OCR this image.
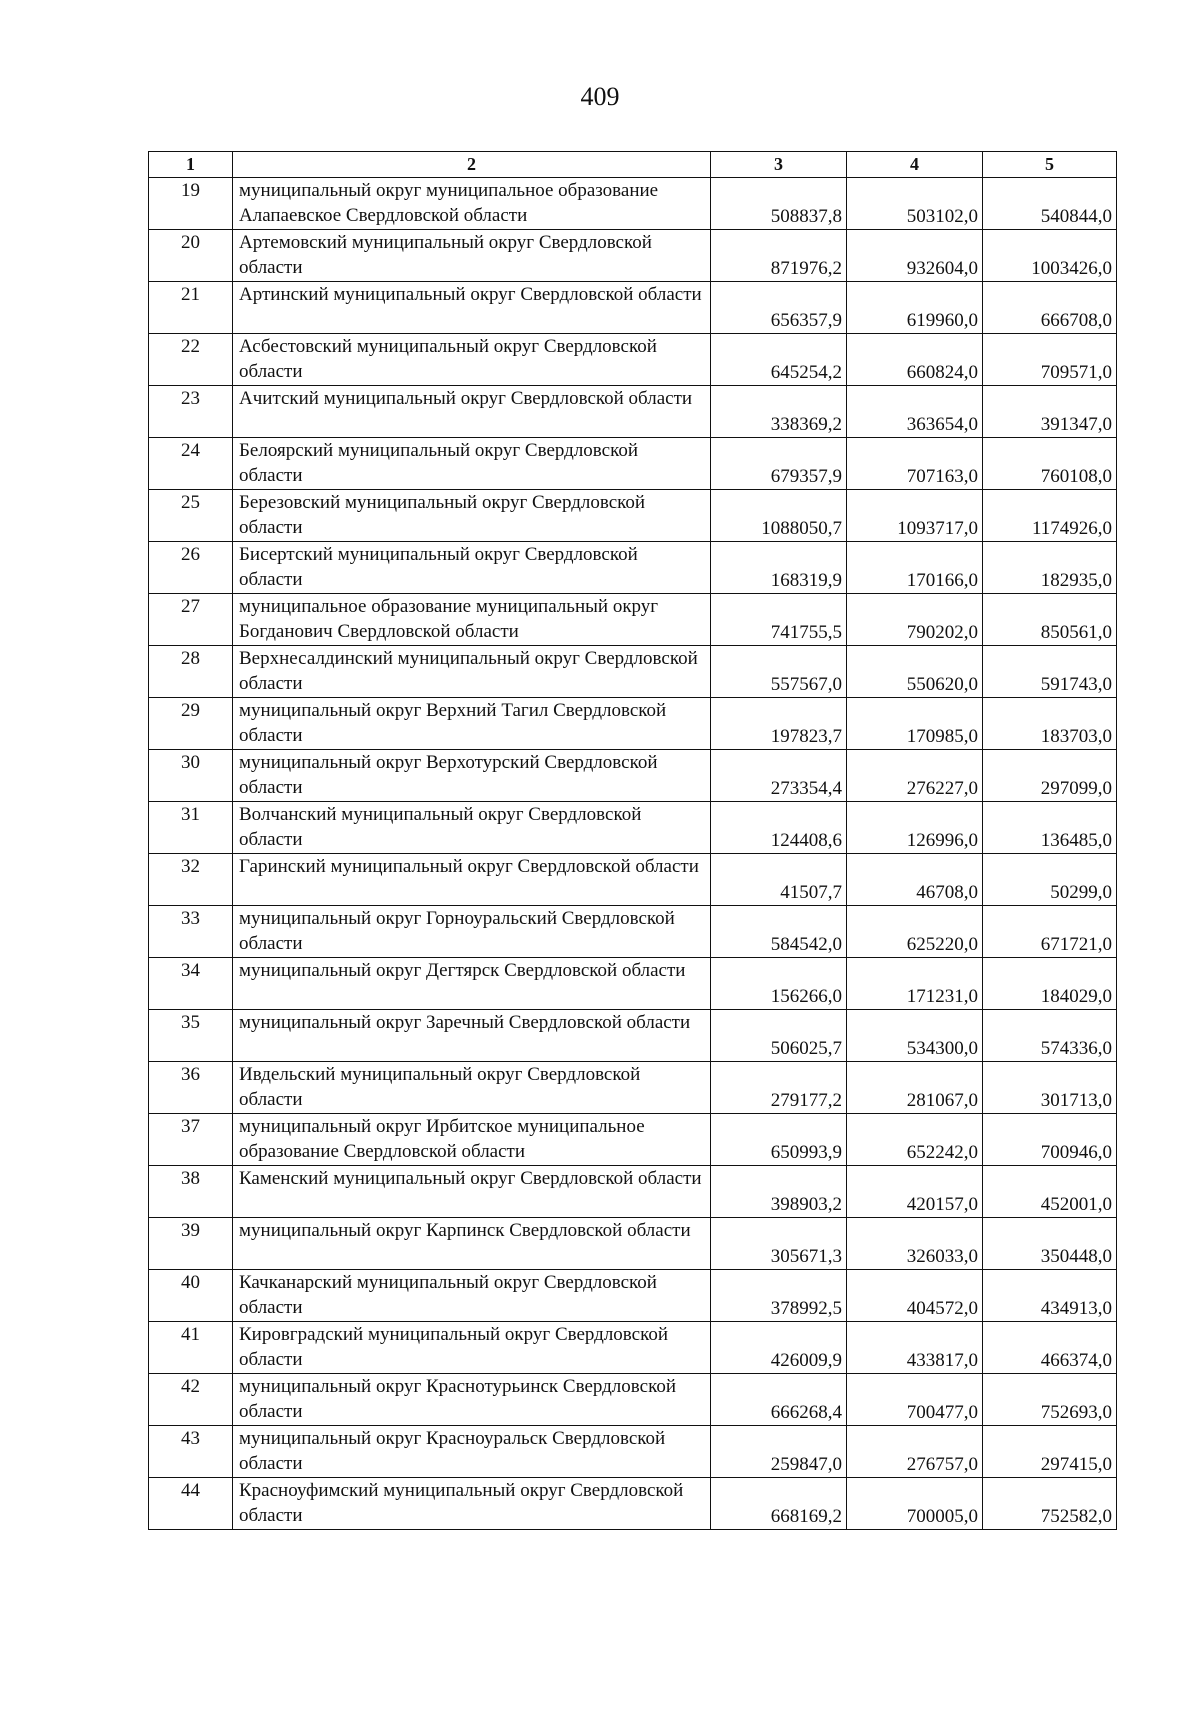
409
1	2	3	4	5
19	муниципальный округ муниципальное образование Алапаевское Свердловской области	508837,8	503102,0	540844,0
20	Артемовский муниципальный округ Свердловской области	871976,2	932604,0	1003426,0
21	Артинский муниципальный округ Свердловской области	656357,9	619960,0	666708,0
22	Асбестовский муниципальный округ Свердловской области	645254,2	660824,0	709571,0
23	Ачитский муниципальный округ Свердловской области	338369,2	363654,0	391347,0
24	Белоярский муниципальный округ Свердловской области	679357,9	707163,0	760108,0
25	Березовский муниципальный округ Свердловской области	1088050,7	1093717,0	1174926,0
26	Бисертский муниципальный округ Свердловской области	168319,9	170166,0	182935,0
27	муниципальное образование муниципальный округ Богданович Свердловской области	741755,5	790202,0	850561,0
28	Верхнесалдинский муниципальный округ Свердловской области	557567,0	550620,0	591743,0
29	муниципальный округ Верхний Тагил Свердловской области	197823,7	170985,0	183703,0
30	муниципальный округ Верхотурский Свердловской области	273354,4	276227,0	297099,0
31	Волчанский муниципальный округ Свердловской области	124408,6	126996,0	136485,0
32	Гаринский муниципальный округ Свердловской области	41507,7	46708,0	50299,0
33	муниципальный округ Горноуральский Свердловской области	584542,0	625220,0	671721,0
34	муниципальный округ Дегтярск Свердловской области	156266,0	171231,0	184029,0
35	муниципальный округ Заречный Свердловской области	506025,7	534300,0	574336,0
36	Ивдельский муниципальный округ Свердловской области	279177,2	281067,0	301713,0
37	муниципальный округ Ирбитское муниципальное образование Свердловской области	650993,9	652242,0	700946,0
38	Каменский муниципальный округ Свердловской области	398903,2	420157,0	452001,0
39	муниципальный округ Карпинск Свердловской области	305671,3	326033,0	350448,0
40	Качканарский муниципальный округ Свердловской области	378992,5	404572,0	434913,0
41	Кировградский муниципальный округ Свердловской области	426009,9	433817,0	466374,0
42	муниципальный округ Краснотурьинск Свердловской области	666268,4	700477,0	752693,0
43	муниципальный округ Красноуральск Свердловской области	259847,0	276757,0	297415,0
44	Красноуфимский муниципальный округ Свердловской области	668169,2	700005,0	752582,0
